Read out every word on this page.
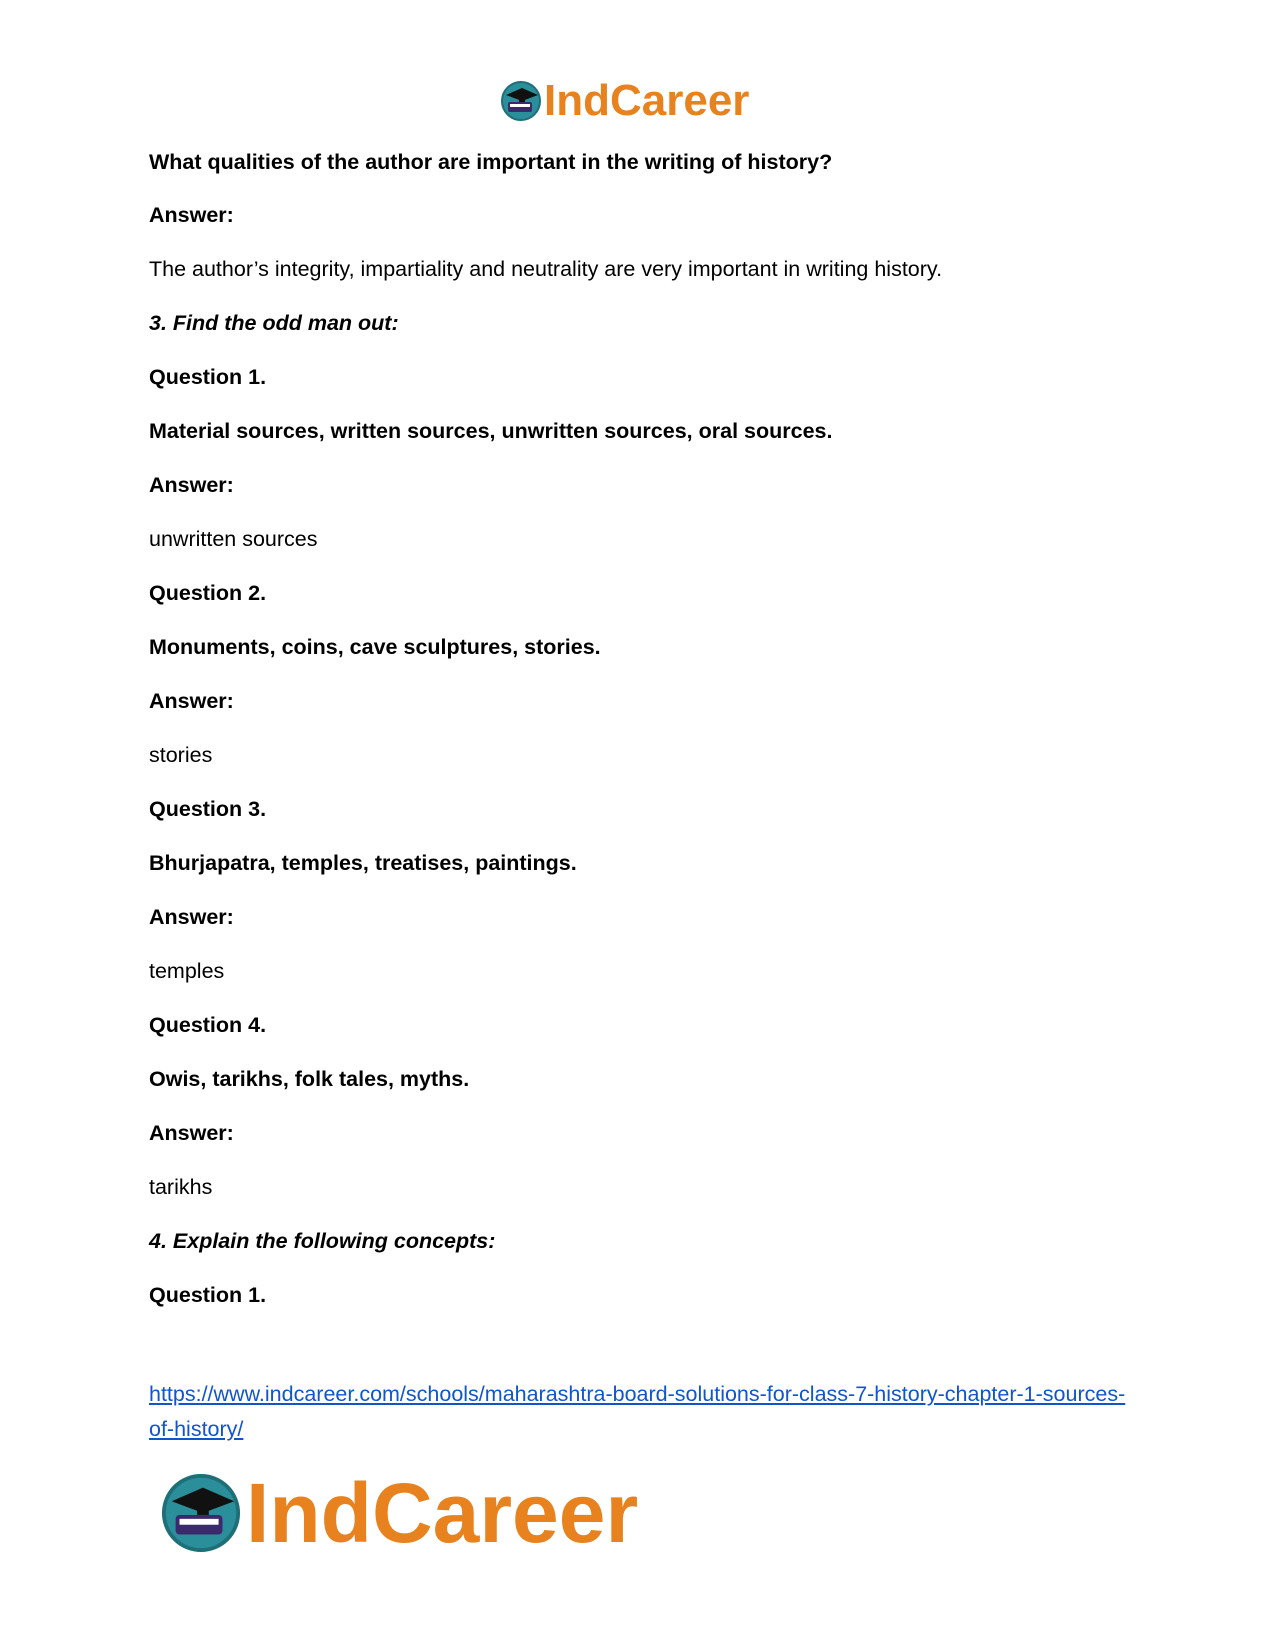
IndCareer

What qualities of the author are important in the writing of history?

Answer:

The author’s integrity, impartiality and neutrality are very important in writing history.

3. Find the odd man out:

Question 1.

Material sources, written sources, unwritten sources, oral sources.

Answer:

unwritten sources

Question 2.

Monuments, coins, cave sculptures, stories.

Answer:

stories

Question 3.

Bhurjapatra, temples, treatises, paintings.

Answer:

temples

Question 4.

Owis, tarikhs, folk tales, myths.

Answer:

tarikhs

4. Explain the following concepts:

Question 1.

https://www.indcareer.com/schools/maharashtra-board-solutions-for-class-7-history-chapter-1-sources-of-history/
IndCareer
